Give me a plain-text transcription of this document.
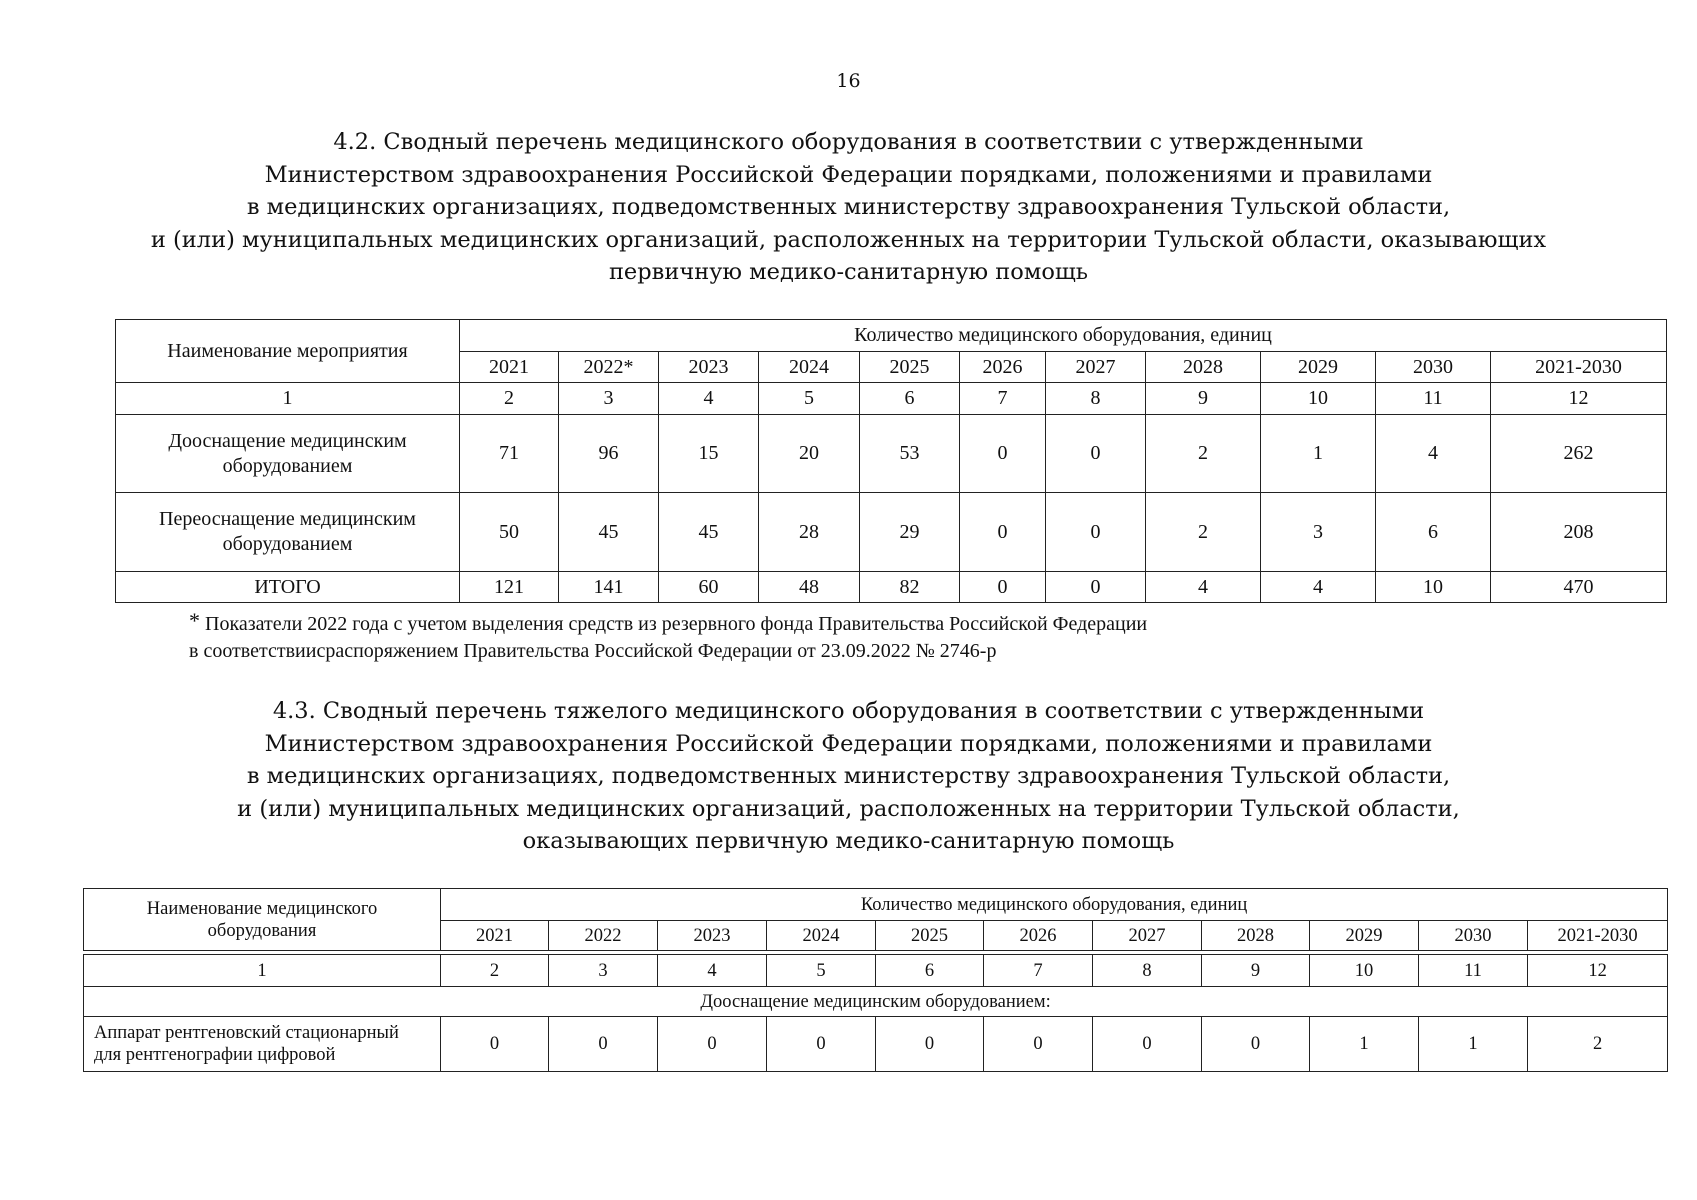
16
4.2. Сводный перечень медицинского оборудования в соответствии с утвержденными
Министерством здравоохранения Российской Федерации порядками, положениями и правилами
в медицинских организациях, подведомственных министерству здравоохранения Тульской области,
и (или) муниципальных медицинских организаций, расположенных на территории Тульской области, оказывающих
первичную медико-санитарную помощь
Наименование мероприятия	Количество медицинского оборудования, единиц										
	2021	2022*	2023	2024	2025	2026	2027	2028	2029	2030	2021-2030
1	2	3	4	5	6	7	8	9	10	11	12

Дооснащение медицинским
оборудованием	71	96	15	20	53	0	0	2	1	4	262

Переоснащение медицинским
оборудованием	50	45	45	28	29	0	0	2	3	6	208
ИТОГО	121	141	60	48	82	0	0	4	4	10	470
* Показатели 2022 года с учетом выделения средств из резервного фонда Правительства Российской Федерации
в соответствиисраспоряжением Правительства Российской Федерации от 23.09.2022 № 2746-р
4.3. Сводный перечень тяжелого медицинского оборудования в соответствии с утвержденными
Министерством здравоохранения Российской Федерации порядками, положениями и правилами
в медицинских организациях, подведомственных министерству здравоохранения Тульской области,
и (или) муниципальных медицинских организаций, расположенных на территории Тульской области,
оказывающих первичную медико-санитарную помощь
Наименование медицинского
оборудования	Количество медицинского оборудования, единиц										
	2021	2022	2023	2024	2025	2026	2027	2028	2029	2030	2021-2030

1	2	3	4	5	6	7	8	9	10	11	12
Дооснащение медицинским оборудованием:											

Аппарат рентгеновский стационарный
для рентгенографии цифровой	0	0	0	0	0	0	0	0	1	1	2
